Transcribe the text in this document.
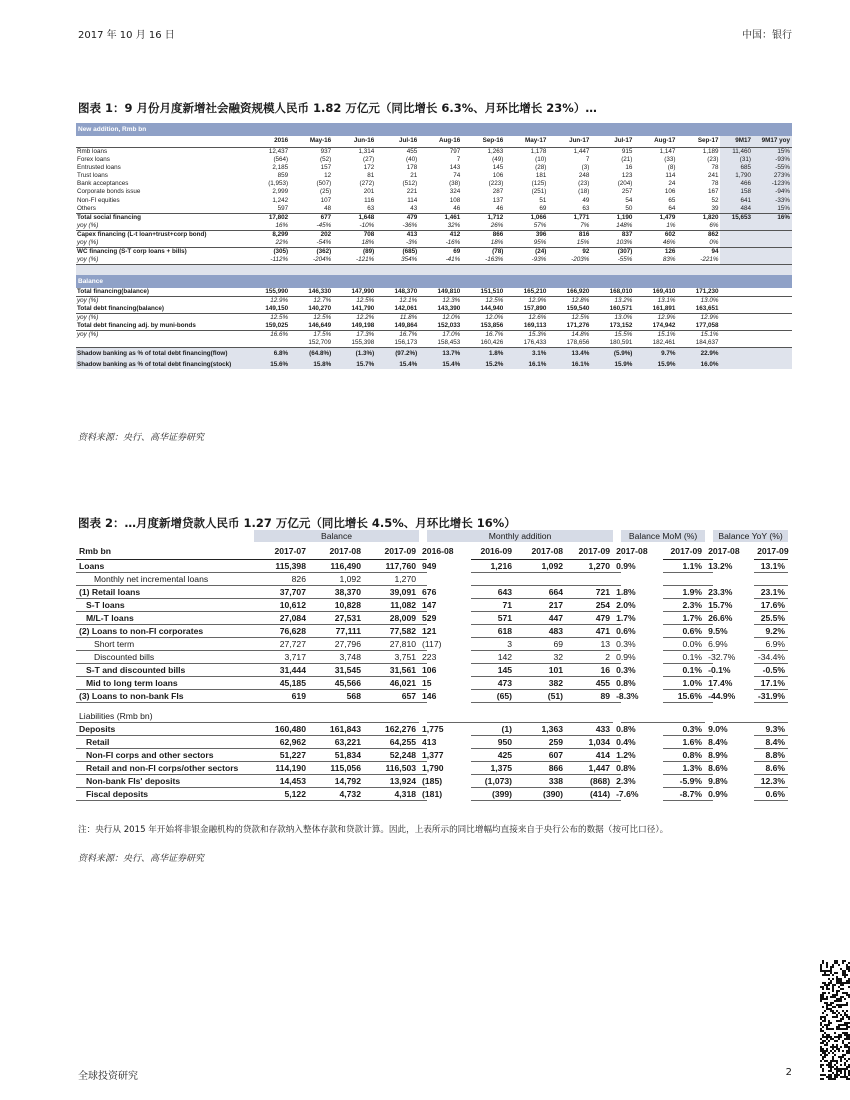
2017 年 10 月 16 日	中国：银行
图表 1：9 月份月度新增社会融资规模人民币 1.82 万亿元（同比增长 6.3%、月环比增长 23%）…
New addition, Rmb bn
	2016	May-16	Jun-16	Jul-16	Aug-16	Sep-16	May-17	Jun-17	Jul-17	Aug-17	Sep-17	9M17	9M17 yoy
Rmb loans	12,437	937	1,314	455	797	1,263	1,178	1,447	915	1,147	1,189	11,460	15%
Forex loans	(564)	(52)	(27)	(40)	7	(49)	(10)	7	(21)	(33)	(23)	(31)	-93%
Entrusted loans	2,185	157	172	178	143	145	(28)	(3)	16	(8)	78	685	-55%
Trust loans	859	12	81	21	74	106	181	248	123	114	241	1,790	273%
Bank acceptances	(1,953)	(507)	(272)	(512)	(38)	(223)	(125)	(23)	(204)	24	78	466	-123%
Corporate bonds issue	2,999	(25)	201	221	324	287	(251)	(18)	257	106	167	158	-94%
Non-FI equities	1,242	107	116	114	108	137	51	49	54	65	52	641	-33%
Others	597	48	63	43	46	46	69	63	50	64	39	484	15%
Total social financing	17,802	677	1,648	479	1,461	1,712	1,066	1,771	1,190	1,479	1,820	15,653	16%
yoy (%)	16%	-45%	-10%	-36%	32%	26%	57%	7%	148%	1%	6%		
Capex financing (L-t loan+trust+corp bond)	8,299	202	708	413	412	866	396	816	837	602	862		
yoy (%)	22%	-54%	18%	-3%	-16%	18%	95%	15%	103%	46%	0%		
WC financing (S-T corp loans + bills)	(305)	(362)	(89)	(685)	69	(78)	(24)	92	(307)	126	94		
yoy (%)	-112%	-204%	-121%	354%	-41%	-163%	-93%	-203%	-55%	83%	-221%		
Balance
Total financing(balance)	155,990	146,330	147,990	148,370	149,810	151,510	165,210	166,920	168,010	169,410	171,230		
yoy (%)	12.9%	12.7%	12.5%	12.1%	12.3%	12.5%	12.9%	12.8%	13.2%	13.1%	13.0%		
Total debt financing(balance)	149,150	140,270	141,790	142,061	143,390	144,940	157,890	159,540	160,571	161,891	163,651		
yoy (%)	12.5%	12.5%	12.2%	11.8%	12.0%	12.0%	12.6%	12.5%	13.0%	12.9%	12.9%		
Total debt financing adj. by muni-bonds	159,025	146,649	149,198	149,864	152,033	153,856	169,113	171,276	173,152	174,942	177,058		
yoy (%)	16.6%	17.5%	17.3%	16.7%	17.0%	16.7%	15.3%	14.8%	15.5%	15.1%	15.1%		
		152,709	155,398	156,173	158,453	160,426	176,433	178,656	180,591	182,461	184,637		
Shadow banking as % of total debt financing(flow)	6.8%	(64.8%)	(1.3%)	(97.2%)	13.7%	1.8%	3.1%	13.4%	(5.9%)	9.7%	22.9%		
Shadow banking as % of total debt financing(stock)	15.6%	15.8%	15.7%	15.4%	15.4%	15.2%	16.1%	16.1%	15.9%	15.9%	16.0%		
资料来源：央行、高华证券研究
图表 2：…月度新增贷款人民币 1.27 万亿元（同比增长 4.5%、月环比增长 16%）
	Balance				Monthly addition					Balance MoM (%)			Balance YoY (%)	
Rmb bn	2017-07	2017-08	2017-09	2016-08		2016-09	2017-08	2017-09	2017-08		2017-09	2017-08		2017-09
Loans	115,398	116,490	117,760	949		1,216	1,092	1,270	0.9%		1.1%	13.2%		13.1%
Monthly net incremental loans	826	1,092	1,270											
(1) Retail loans	37,707	38,370	39,091	676		643	664	721	1.8%		1.9%	23.3%		23.1%
S-T loans	10,612	10,828	11,082	147		71	217	254	2.0%		2.3%	15.7%		17.6%
M/L-T loans	27,084	27,531	28,009	529		571	447	479	1.7%		1.7%	26.6%		25.5%
(2) Loans to non-FI corporates	76,628	77,111	77,582	121		618	483	471	0.6%		0.6%	9.5%		9.2%
Short term	27,727	27,796	27,810	(117)		3	69	13	0.3%		0.0%	6.9%		6.9%
Discounted bills	3,717	3,748	3,751	223		142	32	2	0.9%		0.1%	-32.7%		-34.4%
S-T and discounted bills	31,444	31,545	31,561	106		145	101	16	0.3%		0.1%	-0.1%		-0.5%
Mid to long term loans	45,185	45,566	46,021	15		473	382	455	0.8%		1.0%	17.4%		17.1%
(3) Loans to non-bank FIs	619	568	657	146		(65)	(51)	89	-8.3%		15.6%	-44.9%		-31.9%

Liabilities (Rmb bn)														
Deposits	160,480	161,843	162,276	1,775		(1)	1,363	433	0.8%		0.3%	9.0%		9.3%
Retail	62,962	63,221	64,255	413		950	259	1,034	0.4%		1.6%	8.4%		8.4%
Non-FI corps and other sectors	51,227	51,834	52,248	1,377		425	607	414	1.2%		0.8%	8.9%		8.8%
Retail and non-FI corps/other sectors	114,190	115,056	116,503	1,790		1,375	866	1,447	0.8%		1.3%	8.6%		8.6%
Non-bank FIs' deposits	14,453	14,792	13,924	(185)		(1,073)	338	(868)	2.3%		-5.9%	9.8%		12.3%
Fiscal deposits	5,122	4,732	4,318	(181)		(399)	(390)	(414)	-7.6%		-8.7%	0.9%		0.6%
注：央行从 2015 年开始将非银金融机构的贷款和存款纳入整体存款和贷款计算。因此，上表所示的同比增幅均直接来自于央行公布的数据（按可比口径）。
资料来源：央行、高华证券研究
全球投资研究	2
